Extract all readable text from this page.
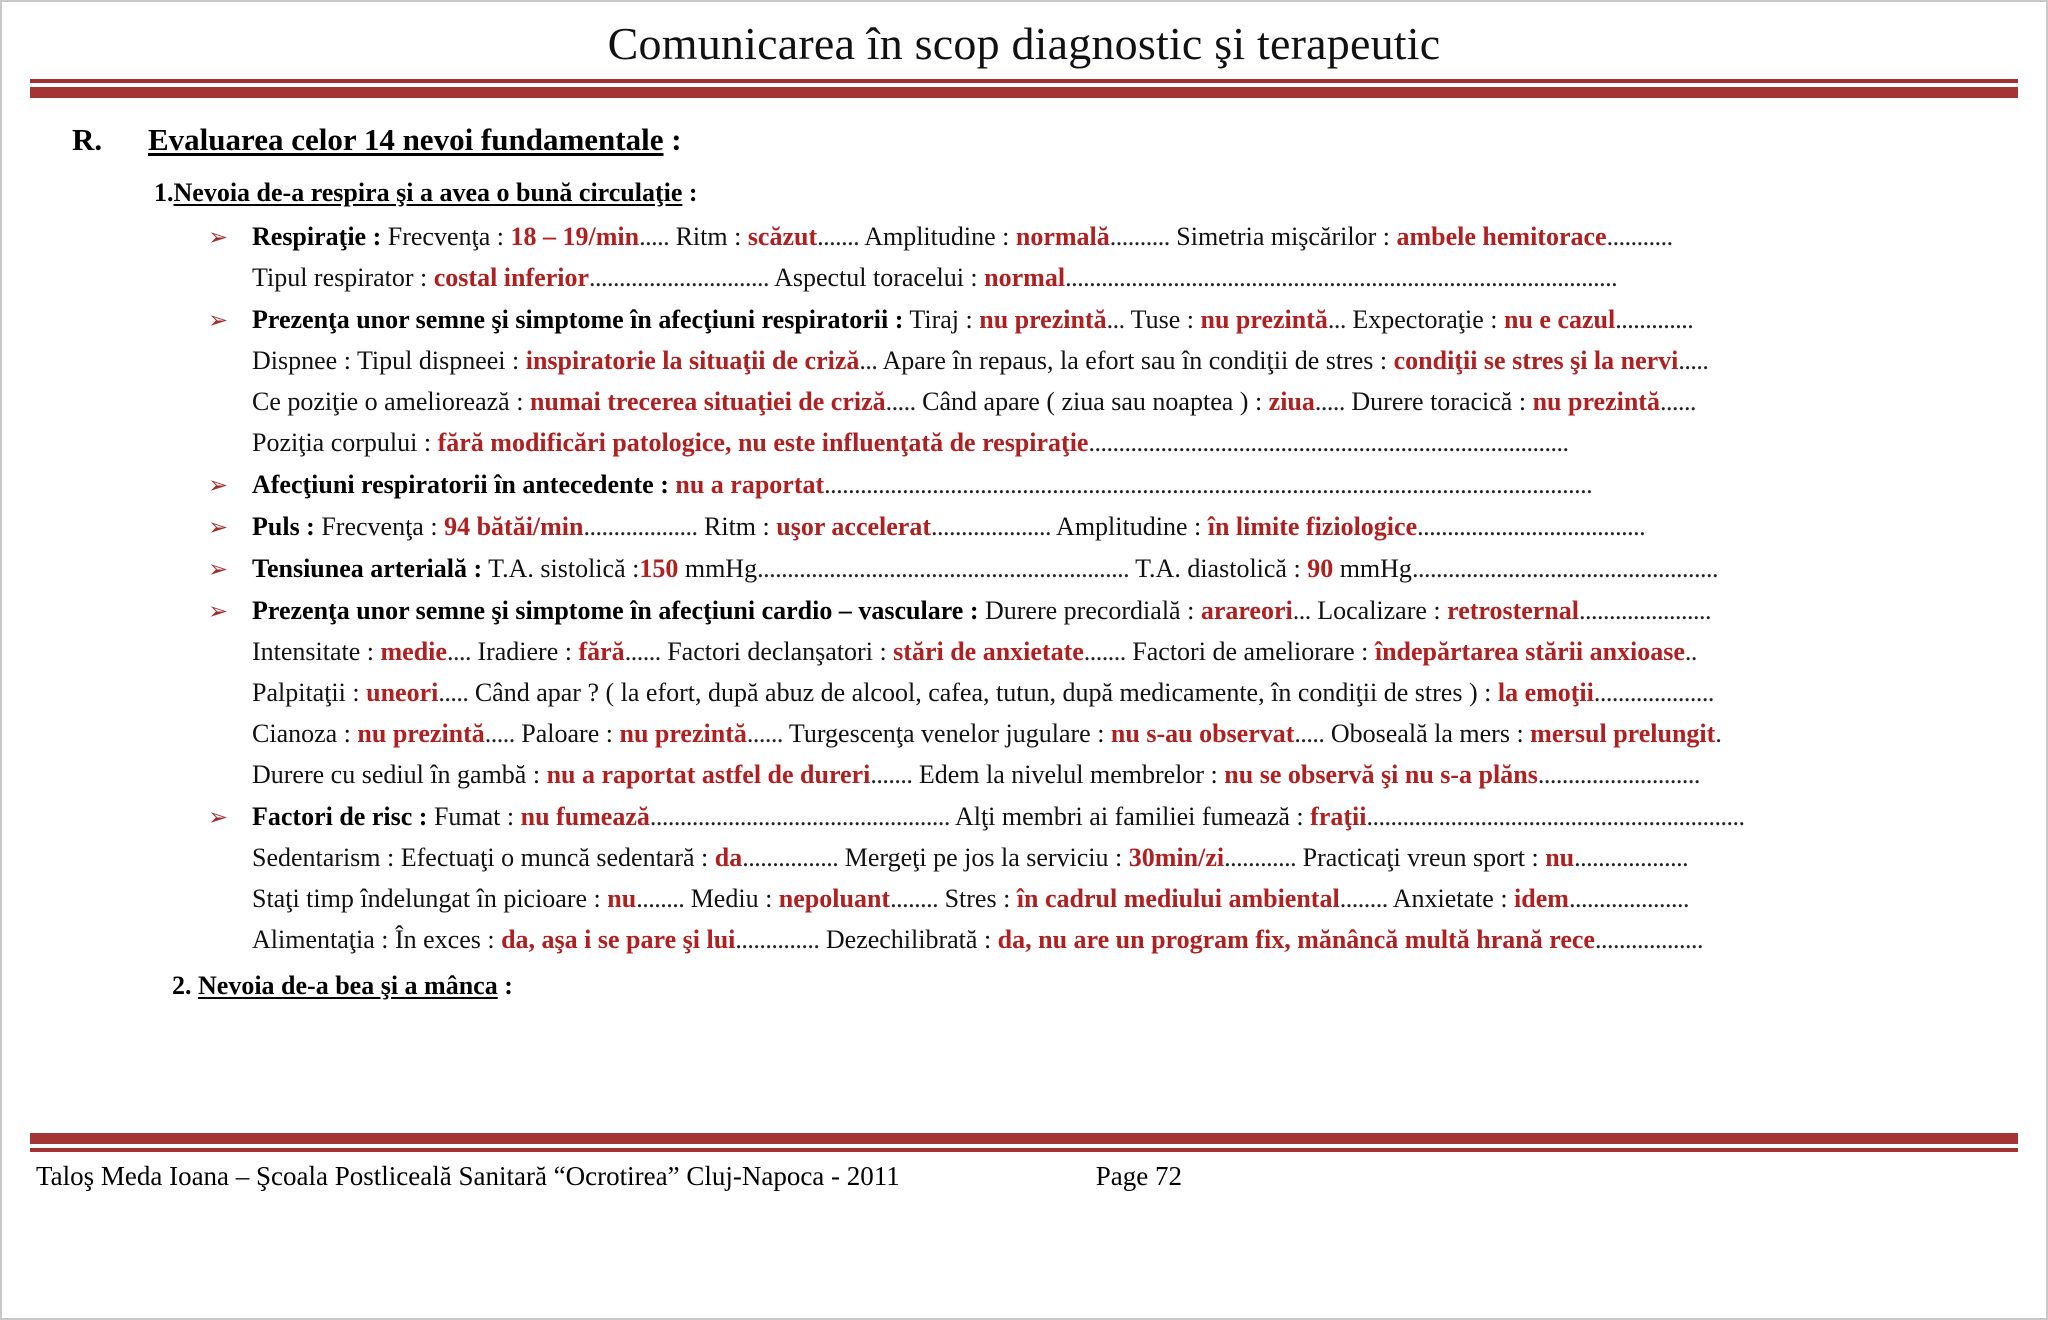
Comunicarea în scop diagnostic şi terapeutic
R.	Evaluarea celor 14 nevoi fundamentale :
1.Nevoia de-a respira şi a avea o bună circulaţie :
➢ Respiraţie : Frecvenţa : 18 – 19/min..... Ritm : scăzut....... Amplitudine : normală.......... Simetria mişcărilor : ambele hemitorace...........
Tipul respirator : costal inferior.............................. Aspectul toracelui : normal............................................................................................
➢ Prezenţa unor semne şi simptome în afecţiuni respiratorii : Tiraj : nu prezintă... Tuse : nu prezintă... Expectoraţie : nu e cazul.............
Dispnee : Tipul dispneei : inspiratorie la situaţii de criză... Apare în repaus, la efort sau în condiţii de stres : condiţii se stres şi la nervi.....
Ce poziţie o ameliorează : numai trecerea situaţiei de criză..... Când apare ( ziua sau noaptea ) : ziua..... Durere toracică : nu prezintă......
Poziţia corpului : fără modificări patologice, nu este influenţată de respiraţie................................................................................
➢ Afecţiuni respiratorii în antecedente : nu a raportat................................................................................................................................
➢ Puls : Frecvenţa : 94 bătăi/min................... Ritm : uşor accelerat.................... Amplitudine : în limite fiziologice......................................
➢ Tensiunea arterială : T.A. sistolică :150 mmHg.............................................................. T.A. diastolică : 90 mmHg...................................................
➢ Prezenţa unor semne şi simptome în afecţiuni cardio – vasculare : Durere precordială : arareori... Localizare : retrosternal......................
Intensitate : medie.... Iradiere : fără...... Factori declanşatori : stări de anxietate....... Factori de ameliorare : îndepărtarea stării anxioase..
Palpitaţii : uneori..... Când apar ? ( la efort, după abuz de alcool, cafea, tutun, după medicamente, în condiţii de stres ) : la emoţii....................
Cianoza : nu prezintă..... Paloare : nu prezintă...... Turgescenţa venelor jugulare : nu s-au observat..... Oboseală la mers : mersul prelungit.
Durere cu sediul în gambă : nu a raportat astfel de dureri....... Edem la nivelul membrelor : nu se observă şi nu s-a plăns...........................
➢ Factori de risc : Fumat : nu fumează.................................................. Alţi membri ai familiei fumează : fraţii...............................................................
Sedentarism : Efectuaţi o muncă sedentară : da................ Mergeţi pe jos la serviciu : 30min/zi............ Practicaţi vreun sport : nu...................
Staţi timp îndelungat în picioare : nu........ Mediu : nepoluant........ Stres : în cadrul mediului ambiental........ Anxietate : idem....................
Alimentaţia : În exces : da, aşa i se pare şi lui.............. Dezechilibrată : da, nu are un program fix, mănâncă multă hrană rece..................
2. Nevoia de-a bea şi a mânca :
Taloş Meda Ioana – Şcoala Postliceală Sanitară “Ocrotirea” Cluj-Napoca - 2011	Page 72
